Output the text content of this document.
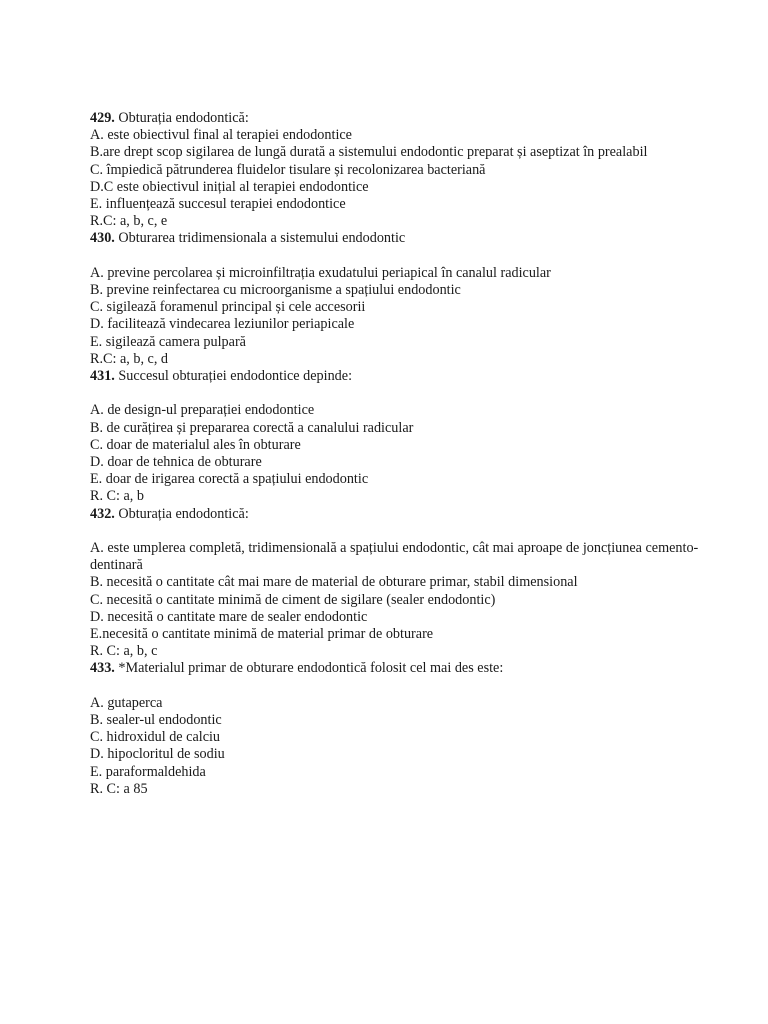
429. Obturația endodontică:

A. este obiectivul final al terapiei endodontice

B.are drept scop sigilarea de lungă durată a sistemului endodontic preparat și aseptizat în prealabil

C. împiedică pătrunderea fluidelor tisulare și recolonizarea bacteriană

D.C este obiectivul inițial al terapiei endodontice

E. influențează succesul terapiei endodontice

R.C: a, b, c, e

430. Obturarea tridimensionala a sistemului endodontic

A. previne percolarea și microinfiltrația exudatului periapical în canalul radicular

B. previne reinfectarea cu microorganisme a spațiului endodontic

C. sigilează foramenul principal și cele accesorii

D. facilitează vindecarea leziunilor periapicale

E. sigilează camera pulpară

R.C: a, b, c, d

431. Succesul obturației endodontice depinde:

A. de design-ul preparației endodontice

B. de curățirea și prepararea corectă a canalului radicular

C. doar de materialul ales în obturare

D. doar de tehnica de obturare

E. doar de irigarea corectă a spațiului endodontic

R. C: a, b

432. Obturația endodontică:

A. este umplerea completă, tridimensională a spațiului endodontic, cât mai aproape de joncțiunea cemento-dentinară

B. necesită o cantitate cât mai mare de material de obturare primar, stabil dimensional

C. necesită o cantitate minimă de ciment de sigilare (sealer endodontic)

D. necesită o cantitate mare de sealer endodontic

E.necesită o cantitate minimă de material primar de obturare

R. C: a, b, c

433. *Materialul primar de obturare endodontică folosit cel mai des este:

A. gutaperca

B. sealer-ul endodontic

C. hidroxidul de calciu

D. hipocloritul de sodiu

E. paraformaldehida

R. C: a 85
